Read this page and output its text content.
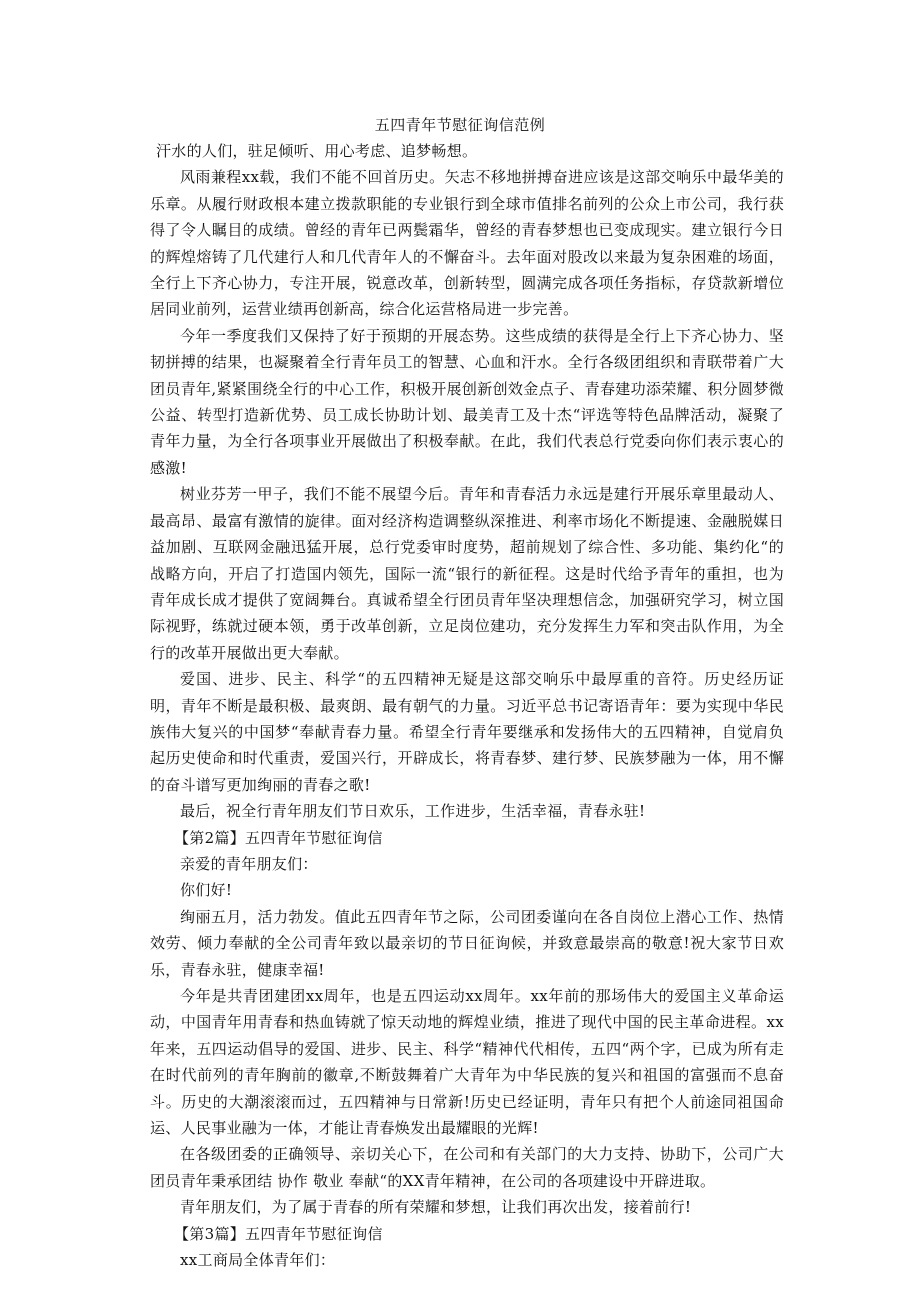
五四青年节慰征询信范例

汗水的人们，驻足倾听、用心考虑、追梦畅想。

风雨兼程xx载，我们不能不回首历史。矢志不移地拼搏奋进应该是这部交响乐中最华美的乐章。从履行财政根本建立拨款职能的专业银行到全球市值排名前列的公众上市公司，我行获得了令人瞩目的成绩。曾经的青年已两鬓霜华，曾经的青春梦想也已变成现实。建立银行今日的辉煌熔铸了几代建行人和几代青年人的不懈奋斗。去年面对股改以来最为复杂困难的场面，全行上下齐心协力，专注开展，锐意改革，创新转型，圆满完成各项任务指标，存贷款新增位居同业前列，运营业绩再创新高，综合化运营格局进一步完善。

今年一季度我们又保持了好于预期的开展态势。这些成绩的获得是全行上下齐心协力、坚韧拼搏的结果，也凝聚着全行青年员工的智慧、心血和汗水。全行各级团组织和青联带着广大团员青年,紧紧围绕全行的中心工作，积极开展创新创效金点子、青春建功添荣耀、积分圆梦微公益、转型打造新优势、员工成长协助计划、最美青工及十杰“评选等特色品牌活动，凝聚了青年力量，为全行各项事业开展做出了积极奉献。在此，我们代表总行党委向你们表示衷心的感激!

树业芬芳一甲子，我们不能不展望今后。青年和青春活力永远是建行开展乐章里最动人、最高昂、最富有激情的旋律。面对经济构造调整纵深推进、利率市场化不断提速、金融脱媒日益加剧、互联网金融迅猛开展，总行党委审时度势，超前规划了综合性、多功能、集约化“的战略方向，开启了打造国内领先，国际一流“银行的新征程。这是时代给予青年的重担，也为青年成长成才提供了宽阔舞台。真诚希望全行团员青年坚决理想信念，加强研究学习，树立国际视野，练就过硬本领，勇于改革创新，立足岗位建功，充分发挥生力军和突击队作用，为全行的改革开展做出更大奉献。

爱国、进步、民主、科学“的五四精神无疑是这部交响乐中最厚重的音符。历史经历证明，青年不断是最积极、最爽朗、最有朝气的力量。习近平总书记寄语青年：要为实现中华民族伟大复兴的中国梦“奉献青春力量。希望全行青年要继承和发扬伟大的五四精神，自觉肩负起历史使命和时代重责，爱国兴行，开辟成长，将青春梦、建行梦、民族梦融为一体，用不懈的奋斗谱写更加绚丽的青春之歌!

最后，祝全行青年朋友们节日欢乐，工作进步，生活幸福，青春永驻!

【第2篇】五四青年节慰征询信

亲爱的青年朋友们：

你们好!

绚丽五月，活力勃发。值此五四青年节之际，公司团委谨向在各自岗位上潜心工作、热情效劳、倾力奉献的全公司青年致以最亲切的节日征询候，并致意最崇高的敬意!祝大家节日欢乐，青春永驻，健康幸福!

今年是共青团建团xx周年，也是五四运动xx周年。xx年前的那场伟大的爱国主义革命运动，中国青年用青春和热血铸就了惊天动地的辉煌业绩，推进了现代中国的民主革命进程。xx年来，五四运动倡导的爱国、进步、民主、科学“精神代代相传，五四“两个字，已成为所有走在时代前列的青年胸前的徽章,不断鼓舞着广大青年为中华民族的复兴和祖国的富强而不息奋斗。历史的大潮滚滚而过，五四精神与日常新!历史已经证明，青年只有把个人前途同祖国命运、人民事业融为一体，才能让青春焕发出最耀眼的光辉!

在各级团委的正确领导、亲切关心下，在公司和有关部门的大力支持、协助下，公司广大团员青年秉承团结 协作 敬业 奉献“的XX青年精神，在公司的各项建设中开辟进取。

青年朋友们，为了属于青春的所有荣耀和梦想，让我们再次出发，接着前行!

【第3篇】五四青年节慰征询信

xx工商局全体青年们：
